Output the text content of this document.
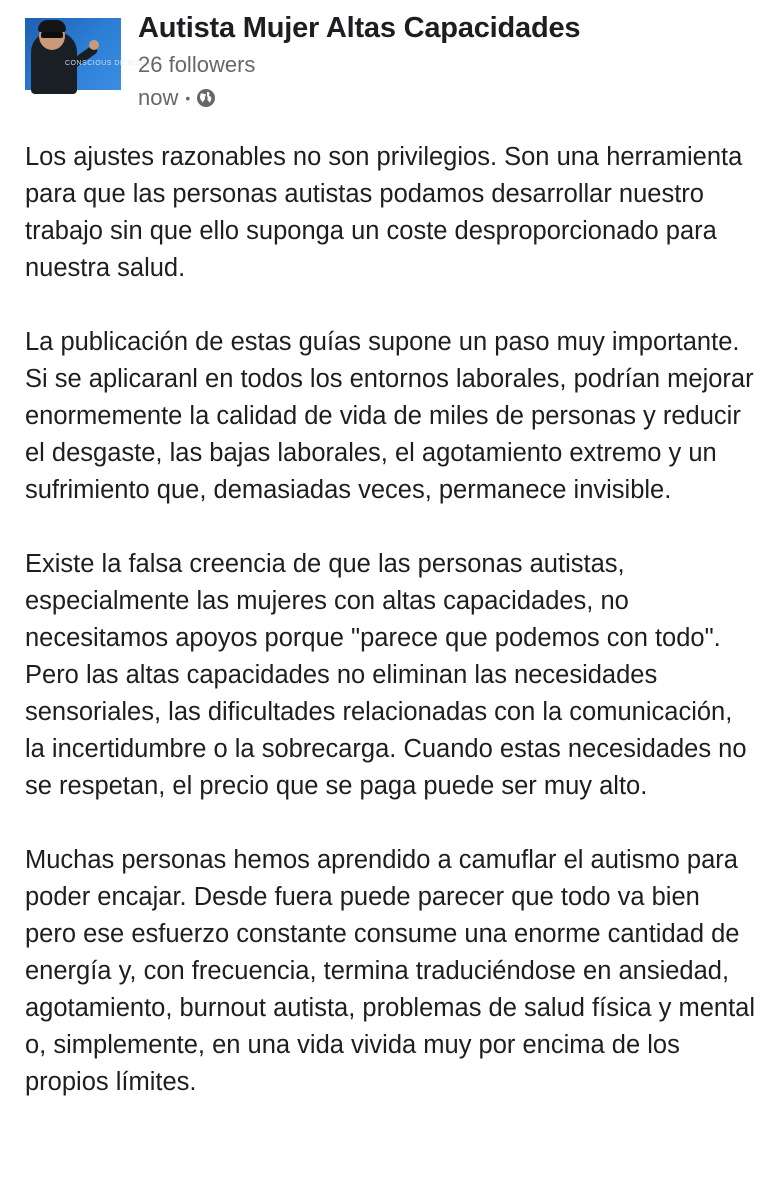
CONSCIOUS DE VISUA
Autista Mujer Altas Capacidades
26 followers
now •

Los ajustes razonables no son privilegios. Son una herramienta para que las personas autistas podamos desarrollar nuestro trabajo sin que ello suponga un coste desproporcionado para nuestra salud.

La publicación de estas guías supone un paso muy importante. Si se aplicaranl en todos los entornos laborales, podrían mejorar enormemente la calidad de vida de miles de personas y reducir el desgaste, las bajas laborales, el agotamiento extremo y un sufrimiento que, demasiadas veces, permanece invisible.

Existe la falsa creencia de que las personas autistas, especialmente las mujeres con altas capacidades, no necesitamos apoyos porque "parece que podemos con todo". Pero las altas capacidades no eliminan las necesidades sensoriales, las dificultades relacionadas con la comunicación, la incertidumbre o la sobrecarga. Cuando estas necesidades no se respetan, el precio que se paga puede ser muy alto.

Muchas personas hemos aprendido a camuflar el autismo para poder encajar. Desde fuera puede parecer que todo va bien pero ese esfuerzo constante consume una enorme cantidad de energía y, con frecuencia, termina traduciéndose en ansiedad, agotamiento, burnout autista, problemas de salud física y mental o, simplemente, en una vida vivida muy por encima de los propios límites.
